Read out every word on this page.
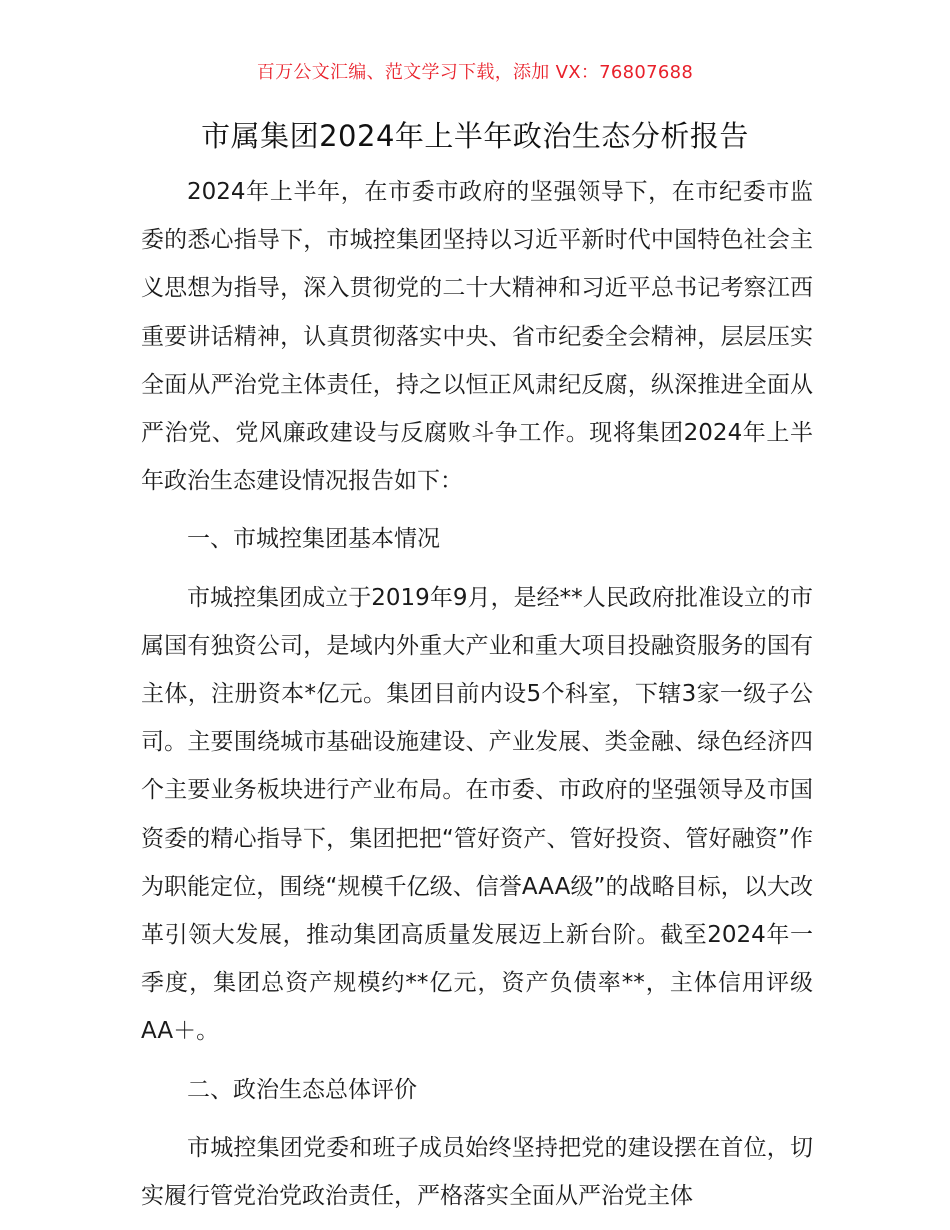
百万公文汇编、范文学习下载，添加 VX：76807688
市属集团2024年上半年政治生态分析报告

2024年上半年，在市委市政府的坚强领导下，在市纪委市监委的悉心指导下，市城控集团坚持以习近平新时代中国特色社会主义思想为指导，深入贯彻党的二十大精神和习近平总书记考察江西重要讲话精神，认真贯彻落实中央、省市纪委全会精神，层层压实全面从严治党主体责任，持之以恒正风肃纪反腐，纵深推进全面从严治党、党风廉政建设与反腐败斗争工作。现将集团2024年上半年政治生态建设情况报告如下：

一、市城控集团基本情况

市城控集团成立于2019年9月，是经**人民政府批准设立的市属国有独资公司，是域内外重大产业和重大项目投融资服务的国有主体，注册资本*亿元。集团目前内设5个科室，下辖3家一级子公司。主要围绕城市基础设施建设、产业发展、类金融、绿色经济四个主要业务板块进行产业布局。在市委、市政府的坚强领导及市国资委的精心指导下，集团把把“管好资产、管好投资、管好融资”作为职能定位，围绕“规模千亿级、信誉AAA级”的战略目标，以大改革引领大发展，推动集团高质量发展迈上新台阶。截至2024年一季度，集团总资产规模约**亿元，资产负债率**，主体信用评级AA＋。

二、政治生态总体评价

市城控集团党委和班子成员始终坚持把党的建设摆在首位，切实履行管党治党政治责任，严格落实全面从严治党主体
